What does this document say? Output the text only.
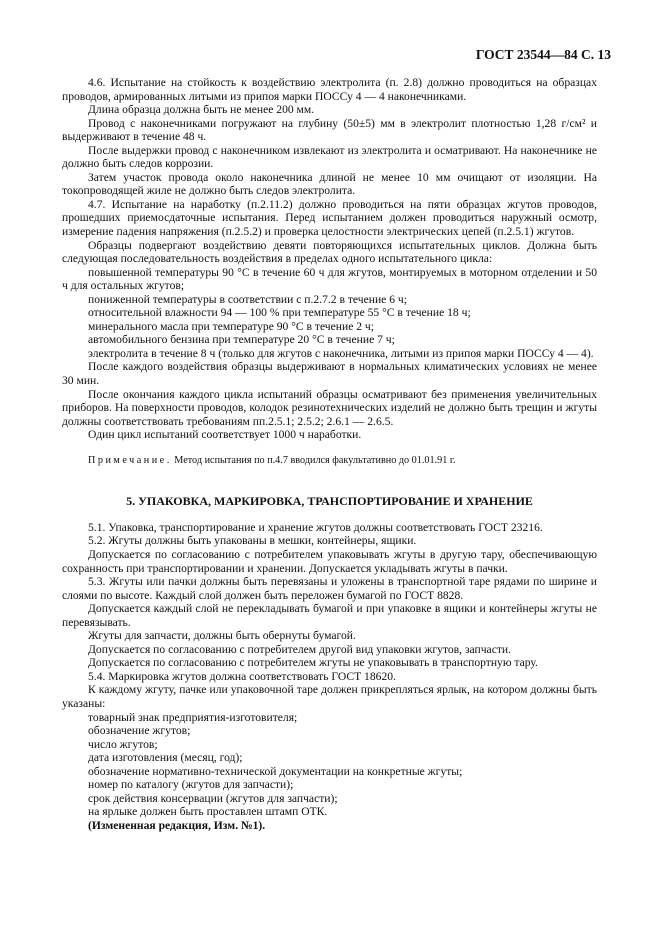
ГОСТ 23544—84 С. 13

4.6. Испытание на стойкость к воздействию электролита (п. 2.8) должно проводиться на образцах проводов, армированных литыми из припоя марки ПОССу 4 — 4 наконечниками.

Длина образца должна быть не менее 200 мм.

Провод с наконечниками погружают на глубину (50±5) мм в электролит плотностью 1,28 г/см² и выдерживают в течение 48 ч.

После выдержки провод с наконечником извлекают из электролита и осматривают. На наконечнике не должно быть следов коррозии.

Затем участок провода около наконечника длиной не менее 10 мм очищают от изоляции. На токопроводящей жиле не должно быть следов электролита.

4.7. Испытание на наработку (п.2.11.2) должно проводиться на пяти образцах жгутов проводов, прошедших приемосдаточные испытания. Перед испытанием должен проводиться наружный осмотр, измерение падения напряжения (п.2.5.2) и проверка целостности электрических цепей (п.2.5.1) жгутов.

Образцы подвергают воздействию девяти повторяющихся испытательных циклов. Должна быть следующая последовательность воздействия в пределах одного испытательного цикла:

повышенной температуры 90 °С в течение 60 ч для жгутов, монтируемых в моторном отделении и 50 ч для остальных жгутов;
пониженной температуры в соответствии с п.2.7.2 в течение 6 ч;
относительной влажности 94 — 100 % при температуре 55 °С в течение 18 ч;
минерального масла при температуре 90 °С в течение 2 ч;
автомобильного бензина при температуре 20 °С в течение 7 ч;
электролита в течение 8 ч (только для жгутов с наконечника, литыми из припоя марки ПОССу 4 — 4).

После каждого воздействия образцы выдерживают в нормальных климатических условиях не менее 30 мин.

После окончания каждого цикла испытаний образцы осматривают без применения увеличительных приборов. На поверхности проводов, колодок резинотехнических изделий не должно быть трещин и жгуты должны соответствовать требованиям пп.2.5.1; 2.5.2; 2.6.1 — 2.6.5.

Один цикл испытаний соответствует 1000 ч наработки.

Примечание. Метод испытания по п.4.7 вводился факультативно до 01.01.91 г.

5. УПАКОВКА, МАРКИРОВКА, ТРАНСПОРТИРОВАНИЕ И ХРАНЕНИЕ

5.1. Упаковка, транспортирование и хранение жгутов должны соответствовать ГОСТ 23216.

5.2. Жгуты должны быть упакованы в мешки, контейнеры, ящики.

Допускается по согласованию с потребителем упаковывать жгуты в другую тару, обеспечивающую сохранность при транспортировании и хранении. Допускается укладывать жгуты в пачки.

5.3. Жгуты или пачки должны быть перевязаны и уложены в транспортной таре рядами по ширине и слоями по высоте. Каждый слой должен быть переложен бумагой по ГОСТ 8828.

Допускается каждый слой не перекладывать бумагой и при упаковке в ящики и контейнеры жгуты не перевязывать.

Жгуты для запчасти, должны быть обернуты бумагой.

Допускается по согласованию с потребителем другой вид упаковки жгутов, запчасти.

Допускается по согласованию с потребителем жгуты не упаковывать в транспортную тару.

5.4. Маркировка жгутов должна соответствовать ГОСТ 18620.

К каждому жгуту, пачке или упаковочной таре должен прикрепляться ярлык, на котором должны быть указаны:

товарный знак предприятия-изготовителя;
обозначение жгутов;
число жгутов;
дата изготовления (месяц, год);
обозначение нормативно-технической документации на конкретные жгуты;
номер по каталогу (жгутов для запчасти);
срок действия консервации (жгутов для запчасти);
на ярлыке должен быть проставлен штамп ОТК.

(Измененная редакция, Изм. №1).
